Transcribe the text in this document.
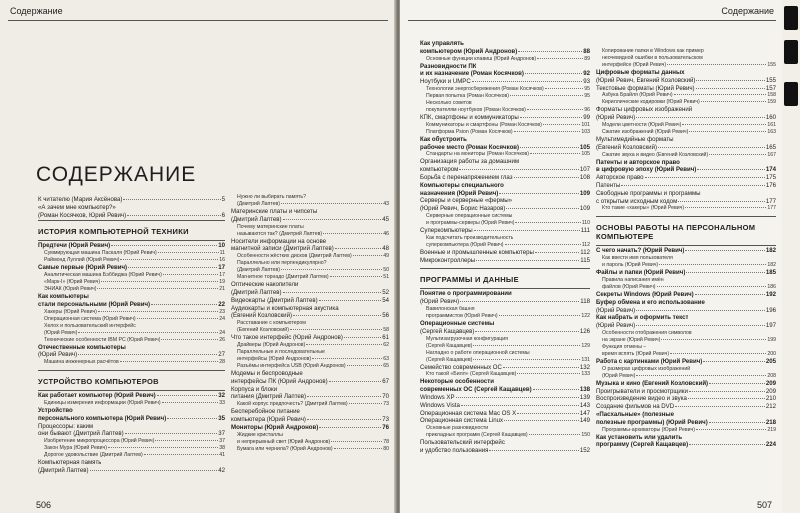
Содержание
СОДЕРЖАНИЕ
К читателю (Мария Аксёнова)	5
«А зачем мне компьютер?»
(Роман Косячков, Юрий Ревич)	6
ИСТОРИЯ КОМПЬЮТЕРНОЙ ТЕХНИКИ
Предтечи (Юрий Ревич)	10
Суммирующая машина Паскаля (Юрий Ревич)	11
Раймонд Луллий (Юрий Ревич)	16
Самые первые (Юрий Ревич)	17
Аналитическая машина Бэббиджа (Юрий Ревич)	17
«Марк-I» (Юрий Ревич)	19
ЭНИАК (Юрий Ревич)	21
Как компьютеры
стали персональными (Юрий Ревич)	22
Хакеры (Юрий Ревич)	23
Операционная система (Юрий Ревич)	24
Хелох и пользовательский интерфейс
(Юрий Ревич)	24
Технические особенности IBM PC (Юрий Ревич)	26
Отечественные компьютеры
(Юрий Ревич)	27
Машина инженерных расчётов	28
УСТРОЙСТВО КОМПЬЮТЕРОВ
Как работает компьютер (Юрий Ревич)	32
Единицы измерения информации (Юрий Ревич)	33
Устройство
персонального компьютера (Юрий Ревич)	35
Процессоры: каким
они бывают (Дмитрий Лаптев)	37
Изобретение микропроцессора (Юрий Ревич)	37
Закон Мура (Юрий Ревич)	38
Дорогое удовольствие (Дмитрий Лаптев)	41
Компьютерная память
(Дмитрий Лаптев)	42
Нужно ли выбирать память?
(Дмитрий Лаптев)	43
Материнские платы и чипсеты
(Дмитрий Лаптев)	45
Почему материнские платы
называются так? (Дмитрий Лаптев)	46
Носители информации на основе
магнитной записи (Дмитрий Лаптев)	48
Особенности жёстких дисков (Дмитрий Лаптев)	49
Параллельно или перпендикулярно?
(Дмитрий Лаптев)	50
Магнитное торнадо (Дмитрий Лаптев)	51
Оптические накопители
(Дмитрий Лаптев)	52
Видеокарты (Дмитрий Лаптев)	54
Аудиокарты и компьютерная акустика
(Евгений Козловский)	56
Расставание с компьютером
(Евгений Козловский)	58
Что такое интерфейс (Юрий Андронов)	61
Драйверы (Юрий Андронов)	62
Параллельные и последовательные
интерфейсы (Юрий Андронов)	63
Разъёмы интерфейса USB (Юрий Андронов)	65
Модемы и беспроводные
интерфейсы ПК (Юрий Андронов)	67
Корпуса и блоки
питания (Дмитрий Лаптев)	70
Какой корпус предпочесть? (Дмитрий Лаптев)	73
Бесперебойное питание
компьютера (Юрий Ревич)	73
Мониторы (Юрий Андронов)	76
Жидкие кристаллы
и непрерывный свет (Юрий Андронов)	78
Бумага или чернила? (Юрий Андронов)	80
506
Содержание
Как управлять
компьютером (Юрий Андронов)	88
Основные функции клавиш (Юрий Андронов)	89
Разновидности ПК
и их назначение (Роман Косячков)	92
Ноутбуки и UMPC	93
Технологии энергосбережения (Роман Косячков)	95
Первая попытка (Роман Косячков)	95
Несколько советов
покупателям ноутбуков (Роман Косячков)	96
КПК, смартфоны и коммуникаторы	99
Коммуникаторы и смартфоны (Роман Косячков)	101
Платформа Psion (Роман Косячков)	103
Как обустроить
рабочее место (Роман Косячков)	105
Стандарты на мониторы (Роман Косячков)	105
Организация работы за домашним
компьютером	107
Борьба с перенапряжением глаз	108
Компьютеры специального
назначения (Юрий Ревич)	109
Серверы и серверные «фермы»
(Юрий Ревич, Борис Назаров)	109
Серверные операционные системы
и программы-серверы (Юрий Ревич)	110
Суперкомпьютеры	111
Как подсчитать производительность
суперкомпьютера (Юрий Ревич)	112
Военные и промышленные компьютеры	112
Микроконтроллеры	115
ПРОГРАММЫ И ДАННЫЕ
Понятие о программировании
(Юрий Ревич)	118
Вавилонская башня
программистов (Юрий Ревич)	122
Операционные системы
(Сергей Кащавцев)	126
Мультизагрузочная конфигурация
(Сергей Кащавцев)	129
Нагладно о работе операционной системы
(Сергей Кащавцев)	131
Семейство современных ОС	132
Кто такой «Билл» (Сергей Кащавцев)	133
Некоторые особенности
современных ОС (Сергей Кащавцев)	138
Windows XP	139
Windows Vista	143
Операционная система Mac OS X	147
Операционная система Linux	149
Основные разновидности
прикладных программ (Сергей Кащавцев)	150
Пользовательский интерфейс
и удобство пользования	152
Копирование папки в Windows как пример
неочевидной ошибки в пользовательском
интерфейсе (Юрий Ревич)	155
Цифровые форматы данных
(Юрий Ревич, Евгений Козловский)	155
Текстовые форматы (Юрий Ревич)	157
Азбука Брайля (Юрий Ревич)	158
Кириллические кодировки (Юрий Ревич)	159
Форматы цифровых изображений
(Юрий Ревич)	160
Модели цветности (Юрий Ревич)	161
Сжатие изображений (Юрий Ревич)	163
Мультимедийные форматы
(Евгений Козловский)	165
Сжатие звука и видео (Евгений Козловский)	167
Патенты и авторское право
в цифровую эпоху (Юрий Ревич)	174
Авторское право	175
Патенты	176
Свободные программы и программы
с открытым исходным кодом	177
Кто такие «хакеры» (Юрий Ревич)	177
ОСНОВЫ РАБОТЫ НА ПЕРСОНАЛЬНОМ КОМПЬЮТЕРЕ
С чего начать? (Юрий Ревич)	182
Как ввести имя пользователя
и пароль (Юрий Ревич)	182
Файлы и папки (Юрий Ревич)	185
Правила написания имён
файлов (Юрий Ревич)	186
Секреты Windows (Юрий Ревич)	192
Буфер обмена и его использование
(Юрий Ревич)	196
Как набрать и оформить текст
(Юрий Ревич)	197
Особенности отображения символов
на экране (Юрий Ревич)	199
Функция отмены –
время вспять (Юрий Ревич)	200
Работа с картинками (Юрий Ревич)	205
О размерах цифровых изображений
(Юрий Ревич)	208
Музыка и кино (Евгений Козловский)	209
Проигрыватели и просмотрщики	209
Воспроизведение видео и звука	210
Создание фильмов на DVD	212
«Пасхальные» (полезные
полезные программы) (Юрий Ревич)	218
Программы-архиваторы (Юрий Ревич)	219
Как установить или удалить
программу (Сергей Кащавцев)	224
507
